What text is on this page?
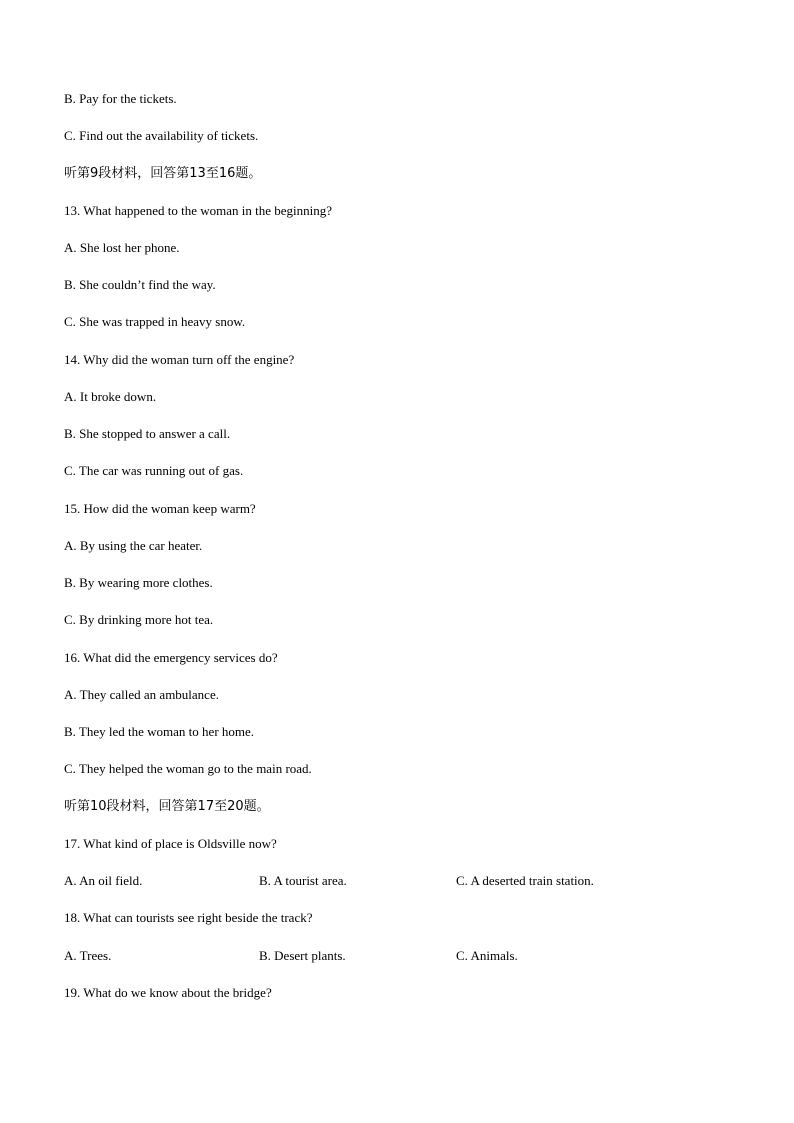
B. Pay for the tickets.
C. Find out the availability of tickets.
听第9段材料，回答第13至16题。
13. What happened to the woman in the beginning?
A. She lost her phone.
B. She couldn’t find the way.
C. She was trapped in heavy snow.
14. Why did the woman turn off the engine?
A. It broke down.
B. She stopped to answer a call.
C. The car was running out of gas.
15. How did the woman keep warm?
A. By using the car heater.
B. By wearing more clothes.
C. By drinking more hot tea.
16. What did the emergency services do?
A. They called an ambulance.
B. They led the woman to her home.
C. They helped the woman go to the main road.
听第10段材料，回答第17至20题。
17. What kind of place is Oldsville now?
A. An oil field.	B. A tourist area.	C. A deserted train station.
18. What can tourists see right beside the track?
A. Trees.	B. Desert plants.	C. Animals.
19. What do we know about the bridge?
